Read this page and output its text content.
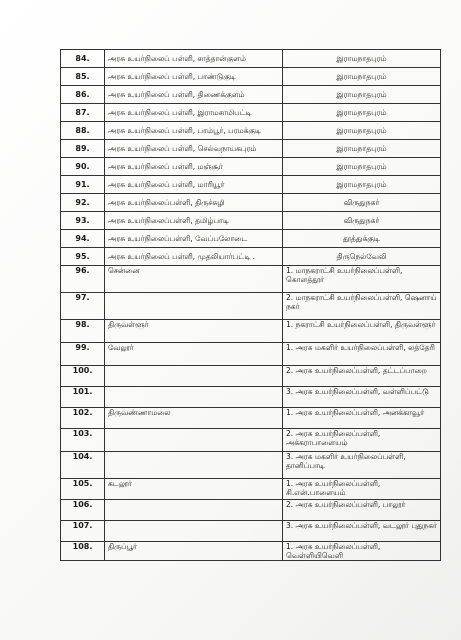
84.	அரசு உயர்நிலைப் பள்ளி, சாத்தான்குளம்	இராமநாதபுரம்
85.	அரசு உயர்நிலைப் பள்ளி, பாண்டுகுடி	இராமநாதபுரம்
86.	அரசு உயர்நிலைப் பள்ளி, திணைக்குளம்	இராமநாதபுரம்
87.	அரசு உயர்நிலைப் பள்ளி, இராமசாமிபட்டி	இராமநாதபுரம்
88.	அரசு உயர்நிலைப் பள்ளி, பாம்பூர், பரமக்குடி	இராமநாதபுரம்
89.	அரசு உயர்நிலைப் பள்ளி, செல்வநாயகபுரம்	இராமநாதபுரம்
90.	அரசு உயர்நிலைப் பள்ளி, மஞ்சூர்	இராமநாதபுரம்
91.	அரசு உயர்நிலைப் பள்ளி, மாரியூர்	இராமநாதபுரம்
92.	அரசு உயர்நிலைப்பள்ளி, திருச்சுழி	விருதுநகர்
93.	அரசு உயர்நிலைப்பள்ளி, தமிழ்பாடி	விருதுநகர்
94.	அரசு உயர்நிலைப்பள்ளி, வேப்பலோடை	தூத்துக்குடி
95.	அரசு உயர்நிலைப் பள்ளி, முதலியார்பட்டி .	திருநெல்வேலி
96.	சென்னை	1. மாநகராட்சி உயர்நிலைப்பள்ளி, கொளத்தூர்
97.		2. மாநகராட்சி உயர்நிலைப்பள்ளி, ஷெனாய் நகர்
98.	திருவள்ளூர்	1. நகராட்சி உயர்நிலைப்பள்ளி, திருவள்ளூர்
99.	வேலூர்	1. அரசு மகளிர் உயர்நிலைப்பள்ளி, லத்தேரி
100.		2. அரசு உயர்நிலைப்பள்ளி, தட்டப்பாறை
101.		3. அரசு உயர்நிலைப்பள்ளி, வள்ளிப்பட்டு
102.	திருவண்ணாமலை	1. அரசு உயர்நிலைப்பள்ளி, அனக்காவூர்
103.		2. அரசு உயர்நிலைப்பள்ளி, அக்கராபாளையம்
104.		3. அரசு மகளிர் உயர்நிலைப்பள்ளி, தானிப்பாடி
105.	கடலூர்	1. அரசு உயர்நிலைப்பள்ளி, சி.என்.பாளையம்
106.		2. அரசு உயர்நிலைப்பள்ளி, பாலூர்
107.		3. அரசு உயர்நிலைப்பள்ளி, வடலூர் புதுநகர்
108.	திருப்பூர்	1. அரசு உயர்நிலைப்பள்ளி, வெள்ளியிவெளி
